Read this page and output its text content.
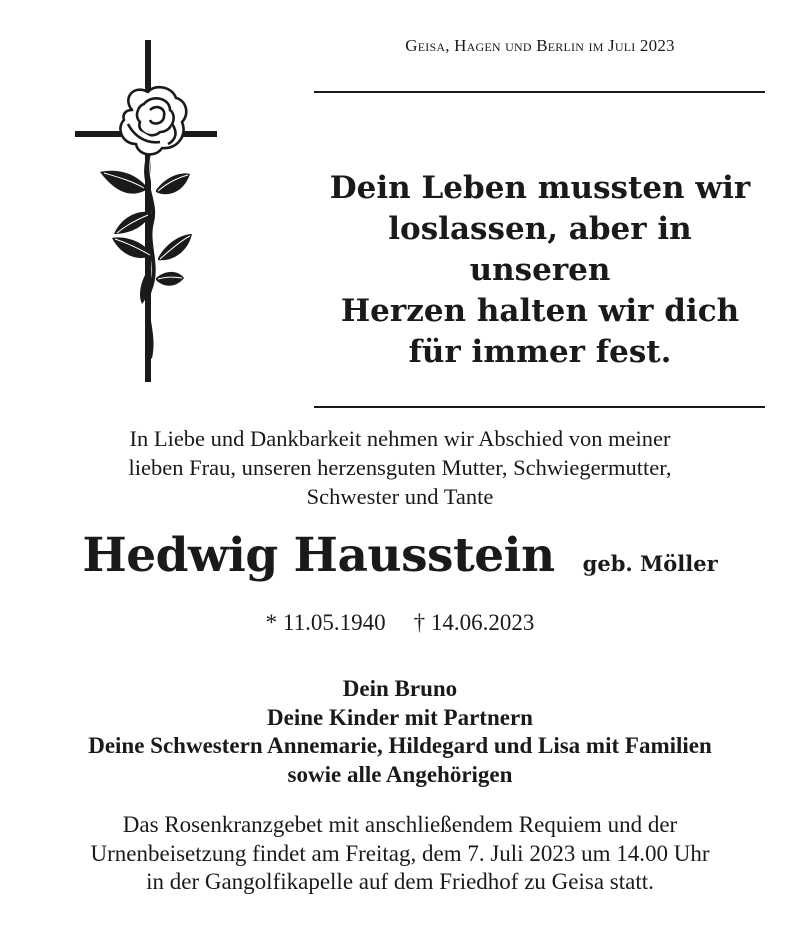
Geisa, Hagen und Berlin im Juli 2023
Dein Leben mussten wir
loslassen, aber in unseren
Herzen halten wir dich
für immer fest.
In Liebe und Dankbarkeit nehmen wir Abschied von meiner
lieben Frau, unseren herzensguten Mutter, Schwiegermutter,
Schwester und Tante
Hedwig Hausstein geb. Möller
* 11.05.1940 † 14.06.2023
Dein Bruno
Deine Kinder mit Partnern
Deine Schwestern Annemarie, Hildegard und Lisa mit Familien
sowie alle Angehörigen
Das Rosenkranzgebet mit anschließendem Requiem und der
Urnenbeisetzung findet am Freitag, dem 7. Juli 2023 um 14.00 Uhr
in der Gangolfikapelle auf dem Friedhof zu Geisa statt.
